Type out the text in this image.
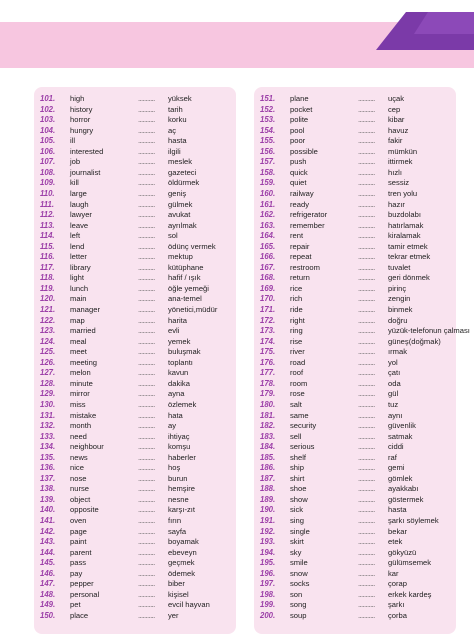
101.	high	...........	yüksek
102.	history	...........	tarih
103.	horror	...........	korku
104.	hungry	...........	aç
105.	ill	...........	hasta
106.	interested	...........	ilgili
107.	job	...........	meslek
108.	journalist	...........	gazeteci
109.	kill	...........	öldürmek
110.	large	...........	geniş
111.	laugh	...........	gülmek
112.	lawyer	...........	avukat
113.	leave	...........	ayrılmak
114.	left	...........	sol
115.	lend	...........	ödünç vermek
116.	letter	...........	mektup
117.	library	...........	kütüphane
118.	light	...........	hafif / ışık
119.	lunch	...........	öğle yemeği
120.	main	...........	ana-temel
121.	manager	...........	yönetici,müdür
122.	map	...........	harita
123.	married	...........	evli
124.	meal	...........	yemek
125.	meet	...........	buluşmak
126.	meeting	...........	toplantı
127.	melon	...........	kavun
128.	minute	...........	dakika
129.	mirror	...........	ayna
130.	miss	...........	özlemek
131.	mistake	...........	hata
132.	month	...........	ay
133.	need	...........	ihtiyaç
134.	neighbour	...........	komşu
135.	news	...........	haberler
136.	nice	...........	hoş
137.	nose	...........	burun
138.	nurse	...........	hemşire
139.	object	...........	nesne
140.	opposite	...........	karşı-zıt
141.	oven	...........	fırın
142.	page	...........	sayfa
143.	paint	...........	boyamak
144.	parent	...........	ebeveyn
145.	pass	...........	geçmek
146.	pay	...........	ödemek
147.	pepper	...........	biber
148.	personal	...........	kişisel
149.	pet	...........	evcil hayvan
150.	place	...........	yer
151.	plane	...........	uçak
152.	pocket	...........	cep
153.	polite	...........	kibar
154.	pool	...........	havuz
155.	poor	...........	fakir
156.	possible	...........	mümkün
157.	push	...........	ittirmek
158.	quick	...........	hızlı
159.	quiet	...........	sessiz
160.	railway	...........	tren yolu
161.	ready	...........	hazır
162.	refrigerator	...........	buzdolabı
163.	remember	...........	hatırlamak
164.	rent	...........	kiralamak
165.	repair	...........	tamir etmek
166.	repeat	...........	tekrar etmek
167.	restroom	...........	tuvalet
168.	return	...........	geri dönmek
169.	rice	...........	pirinç
170.	rich	...........	zengin
171.	ride	...........	binmek
172.	right	...........	doğru
173.	ring	...........	yüzük-telefonun çalması
174.	rise	...........	güneş(doğmak)
175.	river	...........	ırmak
176.	road	...........	yol
177.	roof	...........	çatı
178.	room	...........	oda
179.	rose	...........	gül
180.	salt	...........	tuz
181.	same	...........	aynı
182.	security	...........	güvenlik
183.	sell	...........	satmak
184.	serious	...........	ciddi
185.	shelf	...........	raf
186.	ship	...........	gemi
187.	shirt	...........	gömlek
188.	shoe	...........	ayakkabı
189.	show	...........	göstermek
190.	sick	...........	hasta
191.	sing	...........	şarkı söylemek
192.	single	...........	bekar
193.	skirt	...........	etek
194.	sky	...........	gökyüzü
195.	smile	...........	gülümsemek
196.	snow	...........	kar
197.	socks	...........	çorap
198.	son	...........	erkek kardeş
199.	song	...........	şarkı
200.	soup	...........	çorba
